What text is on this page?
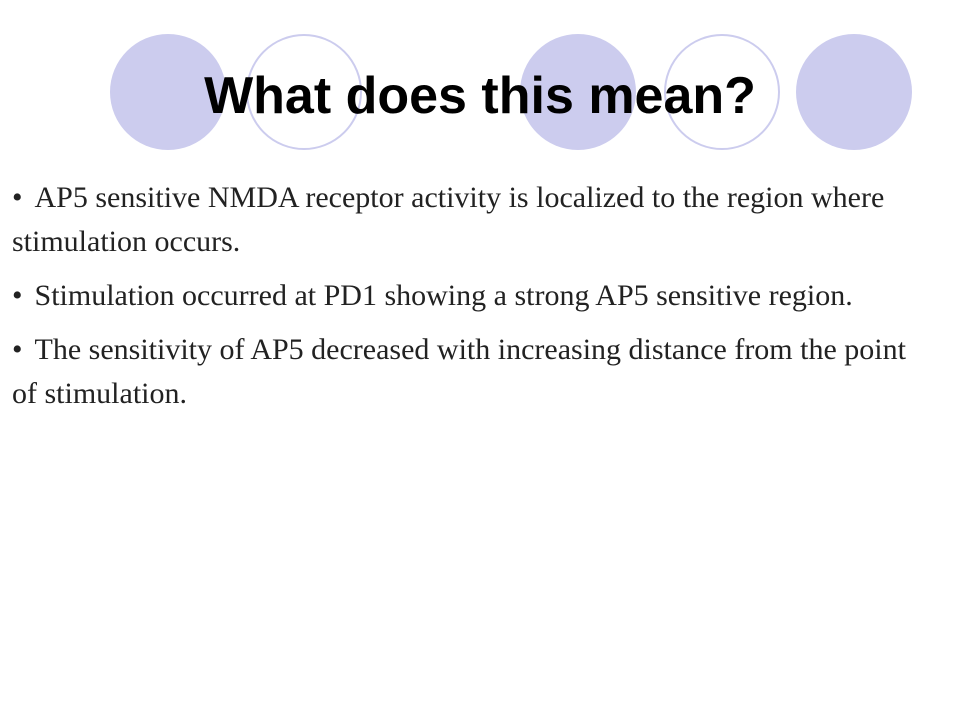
What does this mean?
• AP5 sensitive NMDA receptor activity is localized to the region where stimulation occurs.
• Stimulation occurred at PD1 showing a strong AP5 sensitive region.
• The sensitivity of AP5 decreased with increasing distance from the point of stimulation.
